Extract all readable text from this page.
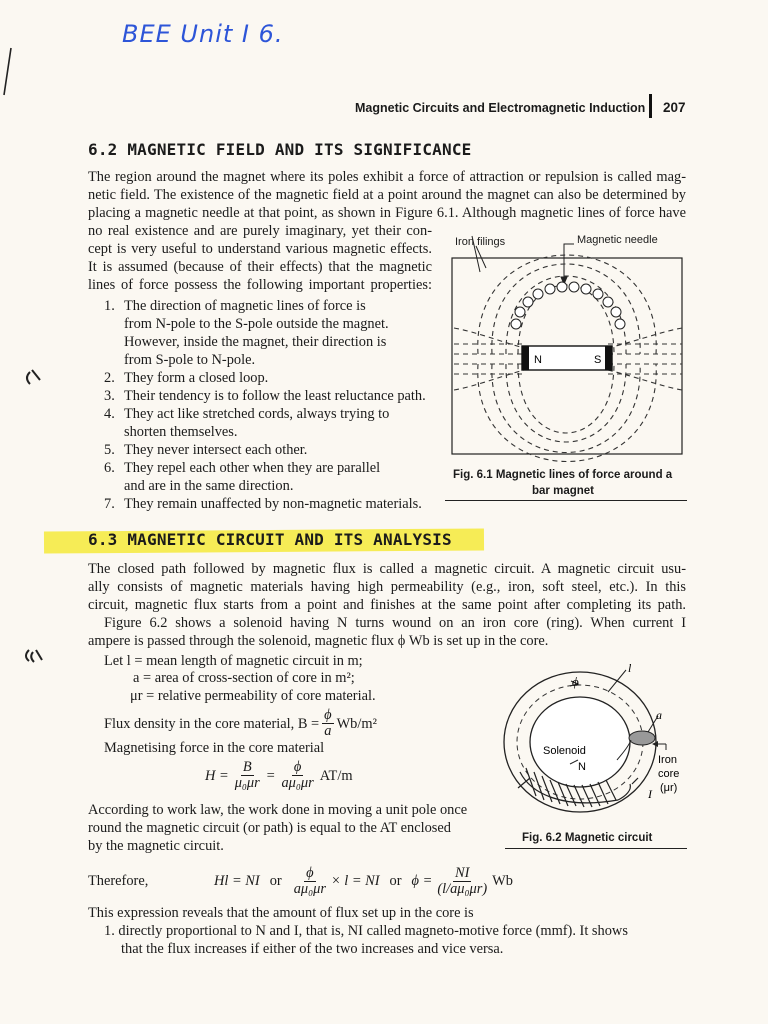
BEE Unit I 6.
Magnetic Circuits and Electromagnetic Induction 207
6.2 MAGNETIC FIELD AND ITS SIGNIFICANCE
The region around the magnet where its poles exhibit a force of attraction or repulsion is called mag-
netic field. The existence of the magnetic field at a point around the magnet can also be determined by
placing a magnetic needle at that point, as shown in Figure 6.1. Although magnetic lines of force have
no real existence and are purely imaginary, yet their con-
cept is very useful to understand various magnetic effects.
It is assumed (because of their effects) that the magnetic
lines of force possess the following important properties:
1. The direction of magnetic lines of force is
from N-pole to the S-pole outside the magnet.
However, inside the magnet, their direction is
from S-pole to N-pole.
2. They form a closed loop.
3. Their tendency is to follow the least reluctance path.
4. They act like stretched cords, always trying to
shorten themselves.
5. They never intersect each other.
6. They repel each other when they are parallel
and are in the same direction.
7. They remain unaffected by non-magnetic materials.
Iron filings	Magnetic needle
N	S
Fig. 6.1 Magnetic lines of force around a
bar magnet
6.3 MAGNETIC CIRCUIT AND ITS ANALYSIS
The closed path followed by magnetic flux is called a magnetic circuit. A magnetic circuit usu-
ally consists of magnetic materials having high permeability (e.g., iron, soft steel, etc.). In this
circuit, magnetic flux starts from a point and finishes at the same point after completing its path.
Figure 6.2 shows a solenoid having N turns wound on an iron core (ring). When current I
ampere is passed through the solenoid, magnetic flux ϕ Wb is set up in the core.
Let l = mean length of magnetic circuit in m;
a = area of cross-section of core in m²;
μr = relative permeability of core material.
Flux density in the core material, $B = \frac{\phi}{a} Wb/m^2$
Magnetising force in the core material
$H = \frac{B}{\text{μ₀μr}} = \frac{\phi}{\text{aμ₀μr}} AT/m$
According to work law, the work done in moving a unit pole once
round the magnetic circuit (or path) is equal to the AT enclosed
by the magnetic circuit.
ϕ
l
a
Solenoid
N
Iron
core
(μr)
I
Fig. 6.2 Magnetic circuit
Therefore,	Hl = NI or $\frac{\phi}{\text{aμ₀μr}} \times l$ = NI or $\phi = \frac{NI}{\text{(l/aμ₀μr)}}$ Wb
This expression reveals that the amount of flux set up in the core is
1. directly proportional to N and I, that is, NI called magneto-motive force (mmf). It shows
that the flux increases if either of the two increases and vice versa.
